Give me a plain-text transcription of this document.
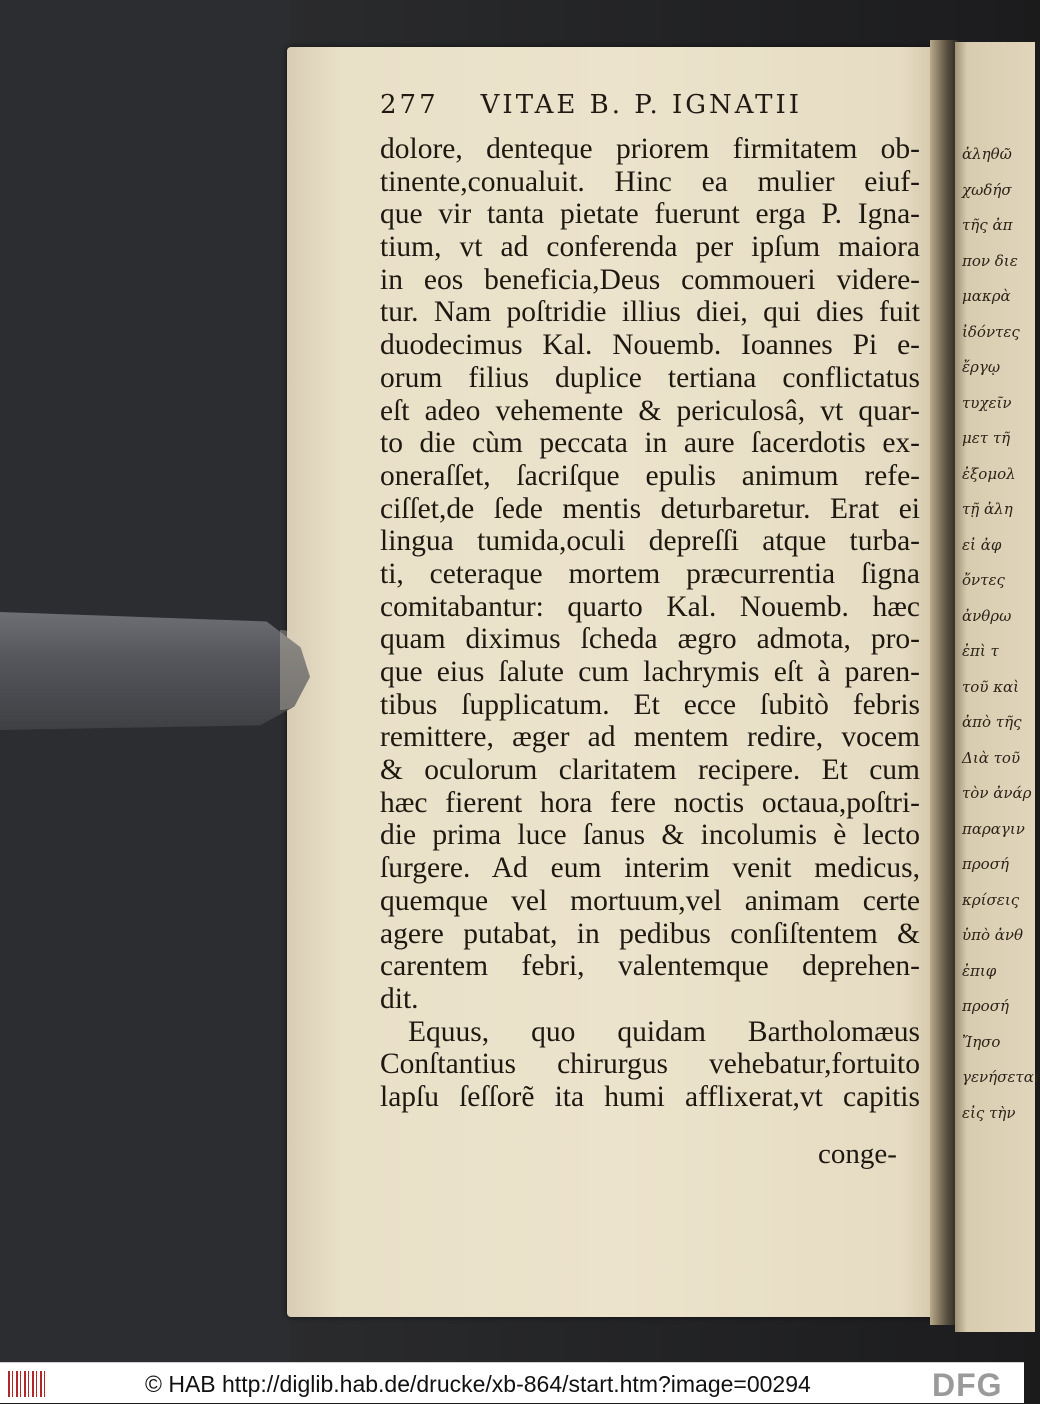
ἀληθῶ
χωδήσ
τῆς ἀπ
πον διε
μακρὰ
ἰδόντες
ἔργῳ
τυχεῖν
μετ τῆ
ἐξομολ
τῇ ἀλη
εἰ ἀφ
ὄντες
ἀνθρω
ἐπὶ τ
τοῦ καὶ
ἀπὸ τῆς
Διὰ τοῦ
τὸν ἀνάρ
παραγιν
προσή
κρίσεις
ὑπὸ ἀνθ
ἐπιφ
προσή
Ἴησο
γενήσεται
εἰς τὴν
277 VITAE B. P. IGNATII
dolore, denteque priorem firmitatem ob-
tinente,conualuit. Hinc ea mulier eiuf-
que vir tanta pietate fuerunt erga P. Igna-
tium, vt ad conferenda per ipſum maiora
in eos beneficia,Deus commoueri videre-
tur. Nam poſtridie illius diei, qui dies fuit
duodecimus Kal. Nouemb. Ioannes Pi e-
orum filius duplice tertiana conflictatus
eſt adeo vehemente & periculosâ, vt quar-
to die cùm peccata in aure ſacerdotis ex-
oneraſſet, ſacriſque epulis animum refe-
ciſſet,de ſede mentis deturbaretur. Erat ei
lingua tumida,oculi depreſſi atque turba-
ti, ceteraque mortem præcurrentia ſigna
comitabantur: quarto Kal. Nouemb. hæc
quam diximus ſcheda ægro admota, pro-
que eius ſalute cum lachrymis eſt à paren-
tibus ſupplicatum. Et ecce ſubitò febris
remittere, æger ad mentem redire, vocem
& oculorum claritatem recipere. Et cum
hæc fierent hora fere noctis octaua,poſtri-
die prima luce ſanus & incolumis è lecto
ſurgere. Ad eum interim venit medicus,
quemque vel mortuum,vel animam certe
agere putabat, in pedibus conſiſtentem &
carentem febri, valentemque deprehen-
dit.
Equus, quo quidam Bartholomæus
Conſtantius chirurgus vehebatur,fortuito
lapſu ſeſſorẽ ita humi afflixerat,vt capitis
conge-
© HAB http://diglib.hab.de/drucke/xb-864/start.htm?image=00294	DFG
